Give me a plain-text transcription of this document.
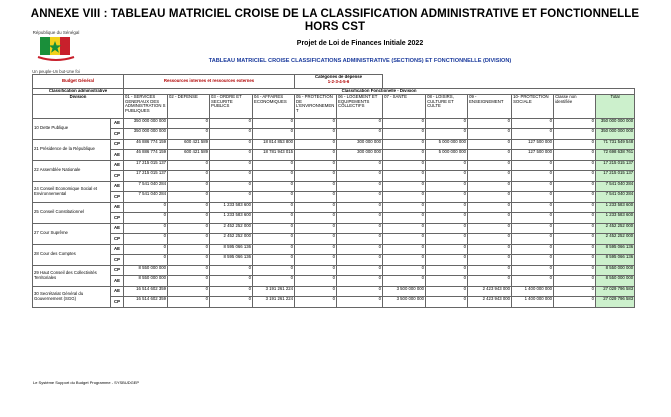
ANNEXE VIII : TABLEAU MATRICIEL CROISE DE LA CLASSIFICATION ADMINISTRATIVE ET FONCTIONNELLE HORS CST
République du Sénégal
Un peuple-Un but-Une foi
Projet de Loi de Finances Initiale 2022
TABLEAU MATRICIEL CROISE CLASSIFICATIONS ADMINISTRATIVE (SECTIONS) ET FONCTIONNELLE (DIVISION)
Budget Général		Ressources internes et ressources externes				Catégories de dépense
1-2-3-4-5-6							

Classification administrative		Classification Fonctionelle - Division											
Division		01 - SERVICES GENERAUX DES ADMINISTRATION S PUBLIQUES	02 - DEFENSE	03 - ORDRE ET SECURITE PUBLICS	04 - AFFAIRES ECONOMIQUES	05 - PROTECTION DE L'ENVIRONNEMEN T	06 - LOGEMENT ET EQUIPEMENTS COLLECTIFS	07 - SANTE	08 - LOISIRS, CULTURE ET CULTE	09 - ENSEIGNEMENT	10- PROTECTION SOCIALE	Classe non identifiée	Total
10 Dette Publique	AE	350 000 000 000	0	0	0	0	0	0	0	0	0	0	350 000 000 000
	CP	350 000 000 000	0	0	0	0	0	0	0	0	0	0	350 000 000 000
21 Présidence de la République	CP	46 886 774 159	600 421 589	0	18 814 853 800	0	300 000 000	0	5 000 000 000	0	127 500 000	0	71 731 549 548
	AE	46 886 774 159	600 421 589	0	18 781 943 015	0	300 000 000	0	5 000 000 000	0	127 500 000	0	72 698 638 761
22 Assemblée Nationale	AE	17 215 015 137	0	0	0	0	0	0	0	0	0	0	17 215 015 137
	CP	17 215 015 137	0	0	0	0	0	0	0	0	0	0	17 215 015 137
24 Conseil Economique Social et Environnemental	AE	7 541 040 284	0	0	0	0	0	0	0	0	0	0	7 541 040 284
	CP	7 541 040 284	0	0	0	0	0	0	0	0	0	0	7 541 040 284
25 Conseil Constitutionnel	AE	0	0	1 233 583 600	0	0	0	0	0	0	0	0	1 233 583 600
	CP	0	0	1 233 583 600	0	0	0	0	0	0	0	0	1 233 583 600
27 Cour Suprême	AE	0	0	2 452 252 000	0	0	0	0	0	0	0	0	2 452 252 000
	CP	0	0	2 452 252 000	0	0	0	0	0	0	0	0	2 452 252 000
28 Cour des Comptes	AE	0	0	8 595 066 136	0	0	0	0	0	0	0	0	8 595 066 136
	CP	0	0	8 595 066 136	0	0	0	0	0	0	0	0	8 595 066 136
29 Haut Conseil des Collectivités Territoriales	CP	8 550 000 000	0	0	0	0	0	0	0	0	0	0	8 550 000 000
	AE	8 550 000 000	0	0	0	0	0	0	0	0	0	0	8 550 000 000
30 Secrétariat Général du Gouvernement (SGG)	AE	16 514 602 359	0	0	3 191 261 224	0	0	3 500 000 000	0	2 423 943 000	1 400 000 000	0	27 029 796 583
	CP	16 514 602 359	0	0	3 191 261 224	0	0	3 500 000 000	0	2 423 943 000	1 400 000 000	0	27 029 796 583
Le Système Support du Budget Programme - SYSBUDGEP
